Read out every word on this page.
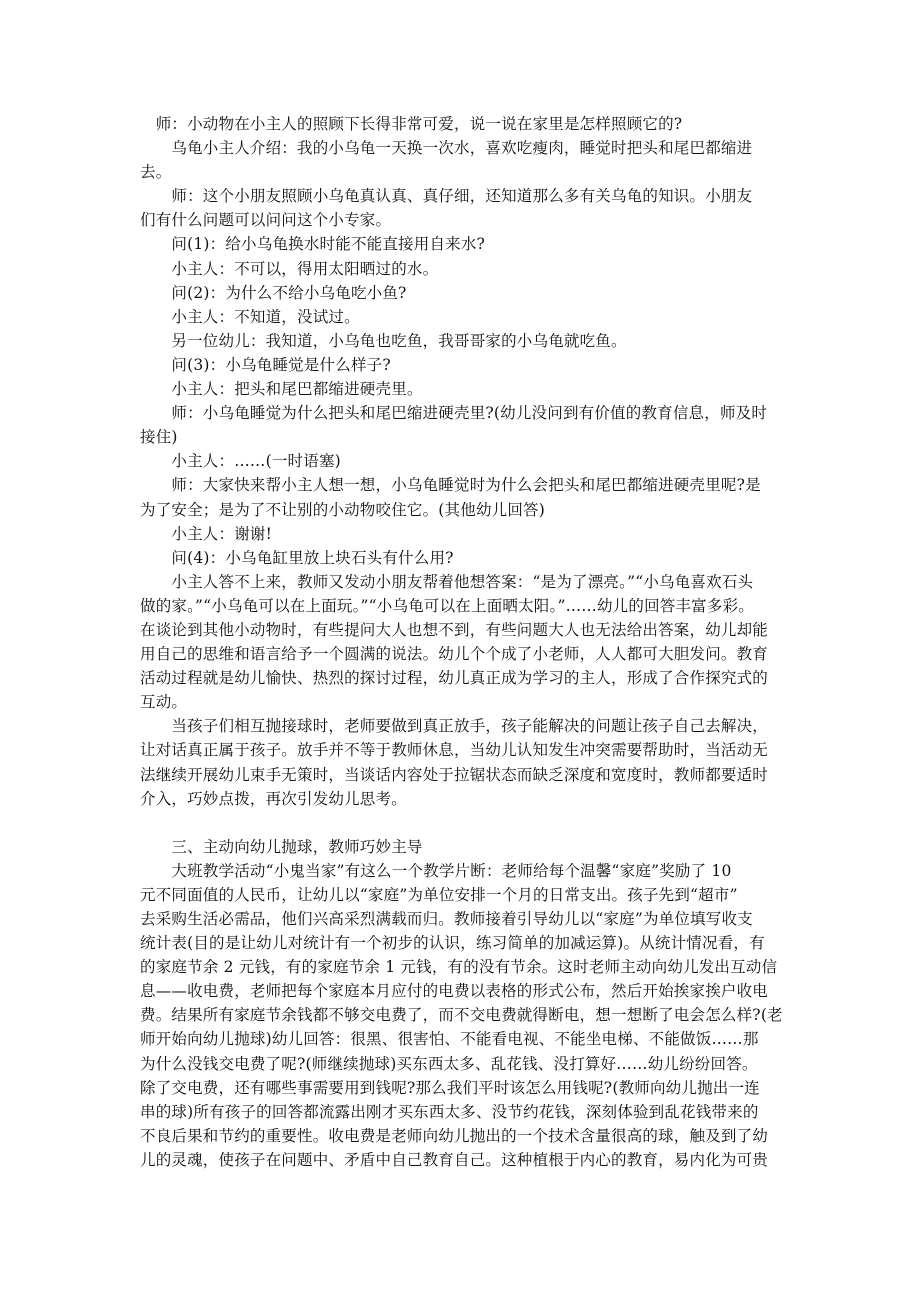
　师：小动物在小主人的照顾下长得非常可爱，说一说在家里是怎样照顾它的?
　　乌龟小主人介绍：我的小乌龟一天换一次水，喜欢吃瘦肉，睡觉时把头和尾巴都缩进
去。
　　师：这个小朋友照顾小乌龟真认真、真仔细，还知道那么多有关乌龟的知识。小朋友
们有什么问题可以问问这个小专家。
　　问(1)：给小乌龟换水时能不能直接用自来水?
　　小主人：不可以，得用太阳晒过的水。
　　问(2)：为什么不给小乌龟吃小鱼?
　　小主人：不知道，没试过。
　　另一位幼儿：我知道，小乌龟也吃鱼，我哥哥家的小乌龟就吃鱼。
　　问(3)：小乌龟睡觉是什么样子?
　　小主人：把头和尾巴都缩进硬壳里。
　　师：小乌龟睡觉为什么把头和尾巴缩进硬壳里?(幼儿没问到有价值的教育信息，师及时
接住)
　　小主人：……(一时语塞)
　　师：大家快来帮小主人想一想，小乌龟睡觉时为什么会把头和尾巴都缩进硬壳里呢?是
为了安全；是为了不让别的小动物咬住它。(其他幼儿回答)
　　小主人：谢谢!
　　问(4)：小乌龟缸里放上块石头有什么用?
　　小主人答不上来，教师又发动小朋友帮着他想答案：“是为了漂亮。”“小乌龟喜欢石头
做的家。”“小乌龟可以在上面玩。”“小乌龟可以在上面晒太阳。”……幼儿的回答丰富多彩。
在谈论到其他小动物时，有些提问大人也想不到，有些问题大人也无法给出答案，幼儿却能
用自己的思维和语言给予一个圆满的说法。幼儿个个成了小老师，人人都可大胆发问。教育
活动过程就是幼儿愉快、热烈的探讨过程，幼儿真正成为学习的主人，形成了合作探究式的
互动。
　　当孩子们相互抛接球时，老师要做到真正放手，孩子能解决的问题让孩子自己去解决，
让对话真正属于孩子。放手并不等于教师休息，当幼儿认知发生冲突需要帮助时，当活动无
法继续开展幼儿束手无策时，当谈话内容处于拉锯状态而缺乏深度和宽度时，教师都要适时
介入，巧妙点拨，再次引发幼儿思考。
　　三、主动向幼儿抛球，教师巧妙主导
　　大班教学活动“小鬼当家”有这么一个教学片断：老师给每个温馨“家庭”奖励了 10
元不同面值的人民币，让幼儿以“家庭”为单位安排一个月的日常支出。孩子先到“超市”
去采购生活必需品，他们兴高采烈满载而归。教师接着引导幼儿以“家庭”为单位填写收支
统计表(目的是让幼儿对统计有一个初步的认识，练习简单的加减运算)。从统计情况看，有
的家庭节余 2 元钱，有的家庭节余 1 元钱，有的没有节余。这时老师主动向幼儿发出互动信
息——收电费，老师把每个家庭本月应付的电费以表格的形式公布，然后开始挨家挨户收电
费。结果所有家庭节余钱都不够交电费了，而不交电费就得断电，想一想断了电会怎么样?(老
师开始向幼儿抛球)幼儿回答：很黑、很害怕、不能看电视、不能坐电梯、不能做饭……那
为什么没钱交电费了呢?(师继续抛球)买东西太多、乱花钱、没打算好……幼儿纷纷回答。
除了交电费，还有哪些事需要用到钱呢?那么我们平时该怎么用钱呢?(教师向幼儿抛出一连
串的球)所有孩子的回答都流露出刚才买东西太多、没节约花钱，深刻体验到乱花钱带来的
不良后果和节约的重要性。收电费是老师向幼儿抛出的一个技术含量很高的球，触及到了幼
儿的灵魂，使孩子在问题中、矛盾中自己教育自己。这种植根于内心的教育，易内化为可贵
